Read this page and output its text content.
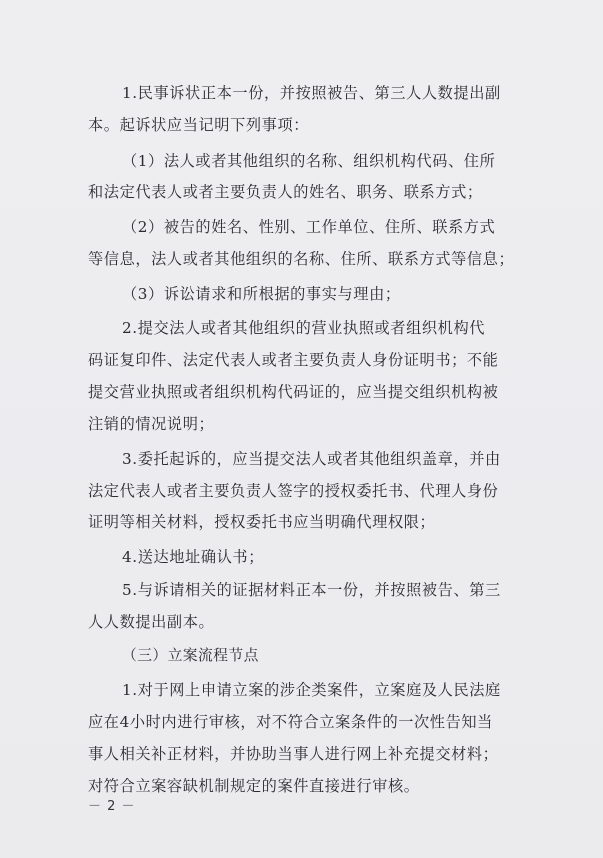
1.民事诉状正本一份，并按照被告、第三人人数提出副
本。起诉状应当记明下列事项：
（1）法人或者其他组织的名称、组织机构代码、住所
和法定代表人或者主要负责人的姓名、职务、联系方式；
（2）被告的姓名、性别、工作单位、住所、联系方式
等信息，法人或者其他组织的名称、住所、联系方式等信息；
（3）诉讼请求和所根据的事实与理由；
2.提交法人或者其他组织的营业执照或者组织机构代
码证复印件、法定代表人或者主要负责人身份证明书；不能
提交营业执照或者组织机构代码证的，应当提交组织机构被
注销的情况说明；
3.委托起诉的，应当提交法人或者其他组织盖章，并由
法定代表人或者主要负责人签字的授权委托书、代理人身份
证明等相关材料，授权委托书应当明确代理权限；
4.送达地址确认书；
5.与诉请相关的证据材料正本一份，并按照被告、第三
人人数提出副本。
（三）立案流程节点
1.对于网上申请立案的涉企类案件，立案庭及人民法庭
应在4小时内进行审核，对不符合立案条件的一次性告知当
事人相关补正材料，并协助当事人进行网上补充提交材料；
对符合立案容缺机制规定的案件直接进行审核。
－ 2 －
